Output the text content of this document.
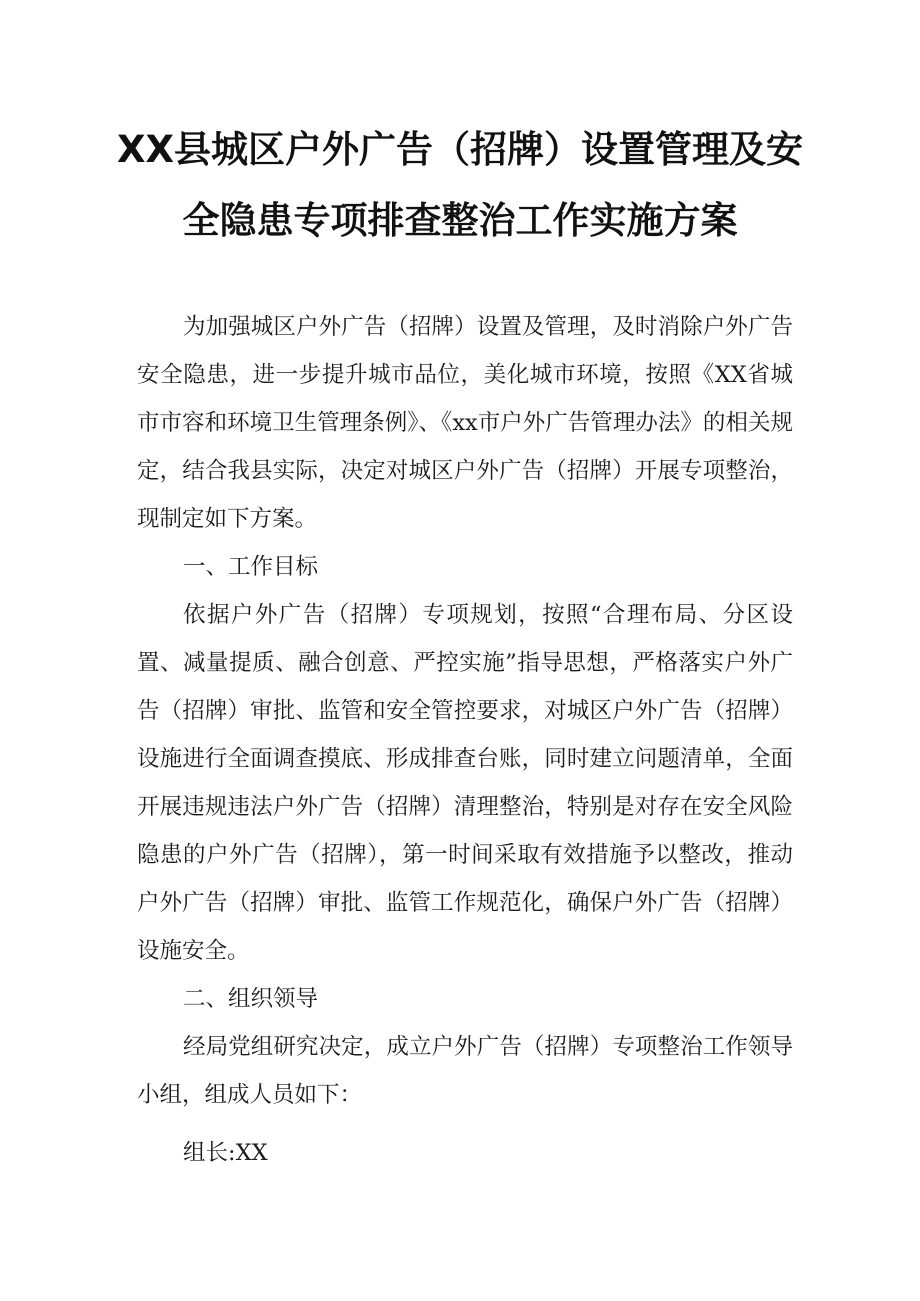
XX县城区户外广告（招牌）设置管理及安
全隐患专项排查整治工作实施方案

为加强城区户外广告（招牌）设置及管理，及时消除户外广告安全隐患，进一步提升城市品位，美化城市环境，按照《XX省城市市容和环境卫生管理条例》、《xx市户外广告管理办法》的相关规定，结合我县实际，决定对城区户外广告（招牌）开展专项整治，现制定如下方案。

一、工作目标

依据户外广告（招牌）专项规划，按照“合理布局、分区设置、减量提质、融合创意、严控实施”指导思想，严格落实户外广告（招牌）审批、监管和安全管控要求，对城区户外广告（招牌）设施进行全面调查摸底、形成排查台账，同时建立问题清单，全面开展违规违法户外广告（招牌）清理整治，特别是对存在安全风险隐患的户外广告（招牌），第一时间采取有效措施予以整改，推动户外广告（招牌）审批、监管工作规范化，确保户外广告（招牌）设施安全。

二、组织领导

经局党组研究决定，成立户外广告（招牌）专项整治工作领导小组，组成人员如下：

组长:XX
